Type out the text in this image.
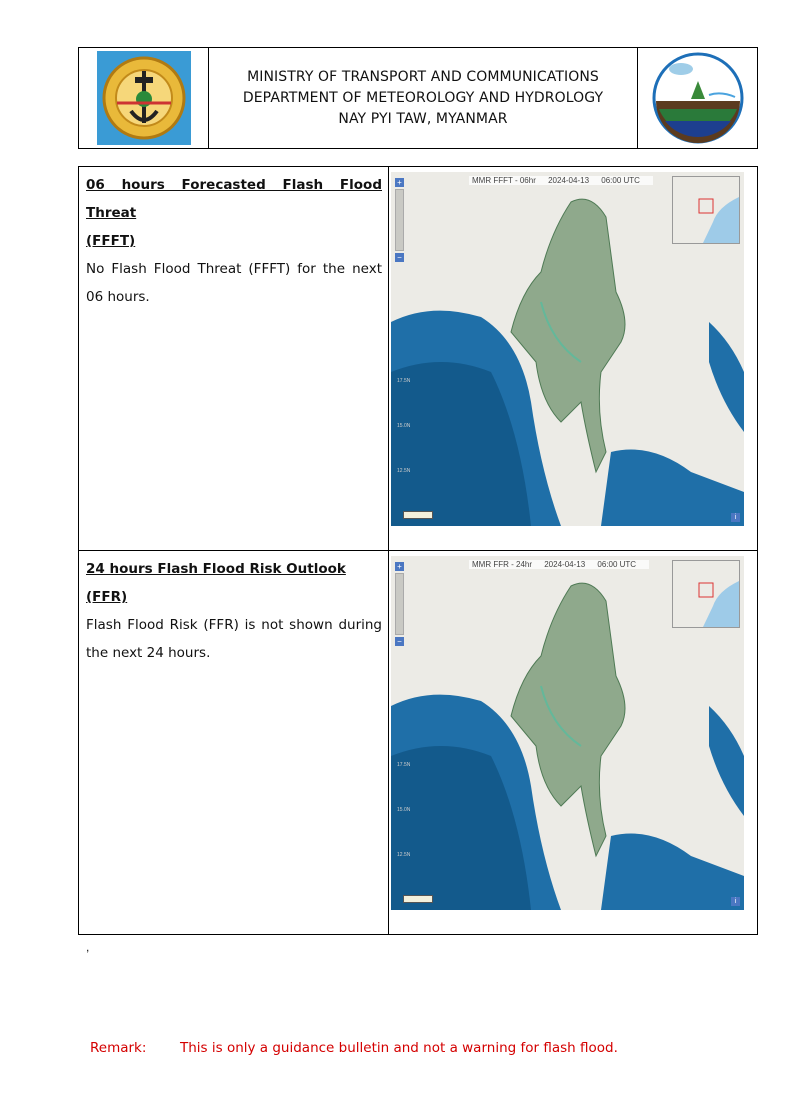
MINISTRY OF TRANSPORT AND COMMUNICATIONS
DEPARTMENT OF METEOROLOGY AND HYDROLOGY
NAY PYI TAW, MYANMAR
06 hours Forecasted Flash Flood Threat
(FFFT)
No Flash Flood Threat (FFFT) for the next 06 hours.
17.5N
15.0N
12.5N
+
−
MMR FFFT - 06hr 2024-04-13 06:00 UTC
i
24 hours Flash Flood Risk Outlook (FFR)
Flash Flood Risk (FFR) is not shown during the next 24 hours.
17.5N
15.0N
12.5N
+
−
MMR FFR - 24hr 2024-04-13 06:00 UTC
i
,
Remark:	This is only a guidance bulletin and not a warning for flash flood.
